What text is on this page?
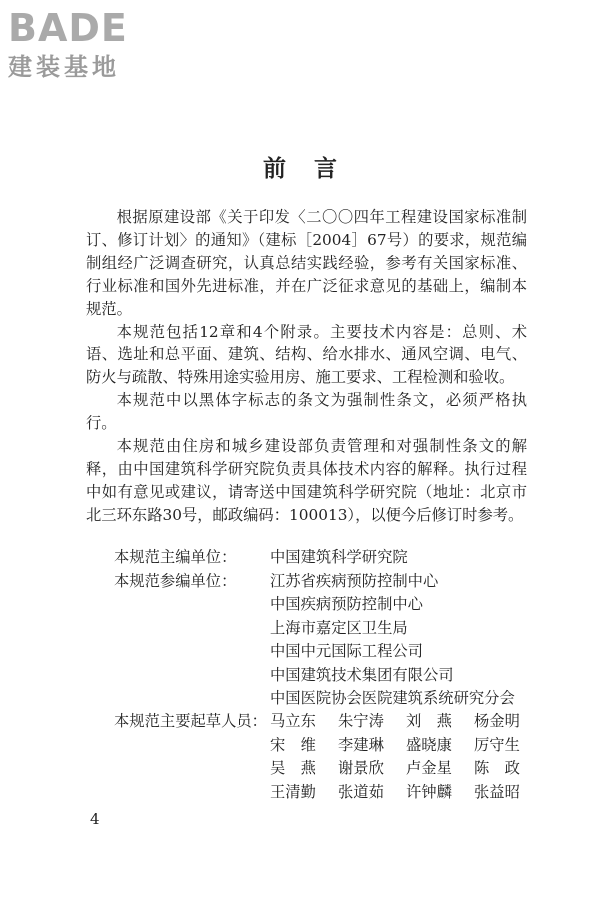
BADE
建装基地
前言

根据原建设部《关于印发〈二〇〇四年工程建设国家标准制订、修订计划〉的通知》（建标［2004］67号）的要求，规范编制组经广泛调查研究，认真总结实践经验，参考有关国家标准、行业标准和国外先进标准，并在广泛征求意见的基础上，编制本规范。

本规范包括12章和4个附录。主要技术内容是：总则、术语、选址和总平面、建筑、结构、给水排水、通风空调、电气、防火与疏散、特殊用途实验用房、施工要求、工程检测和验收。

本规范中以黑体字标志的条文为强制性条文，必须严格执行。

本规范由住房和城乡建设部负责管理和对强制性条文的解释，由中国建筑科学研究院负责具体技术内容的解释。执行过程中如有意见或建议，请寄送中国建筑科学研究院（地址：北京市北三环东路30号，邮政编码：100013），以便今后修订时参考。

本规范主编单位：	中国建筑科学研究院
本规范参编单位：	江苏省疾病预防控制中心
中国疾病预防控制中心
上海市嘉定区卫生局
中国中元国际工程公司
中国建筑技术集团有限公司
中国医院协会医院建筑系统研究分会
本规范主要起草人员： 马立东	朱宁涛	刘　燕	杨金明
宋　维	李建琳	盛晓康	厉守生
吴　燕	谢景欣	卢金星	陈　政
王清勤	张道茹	许钟麟	张益昭
4
